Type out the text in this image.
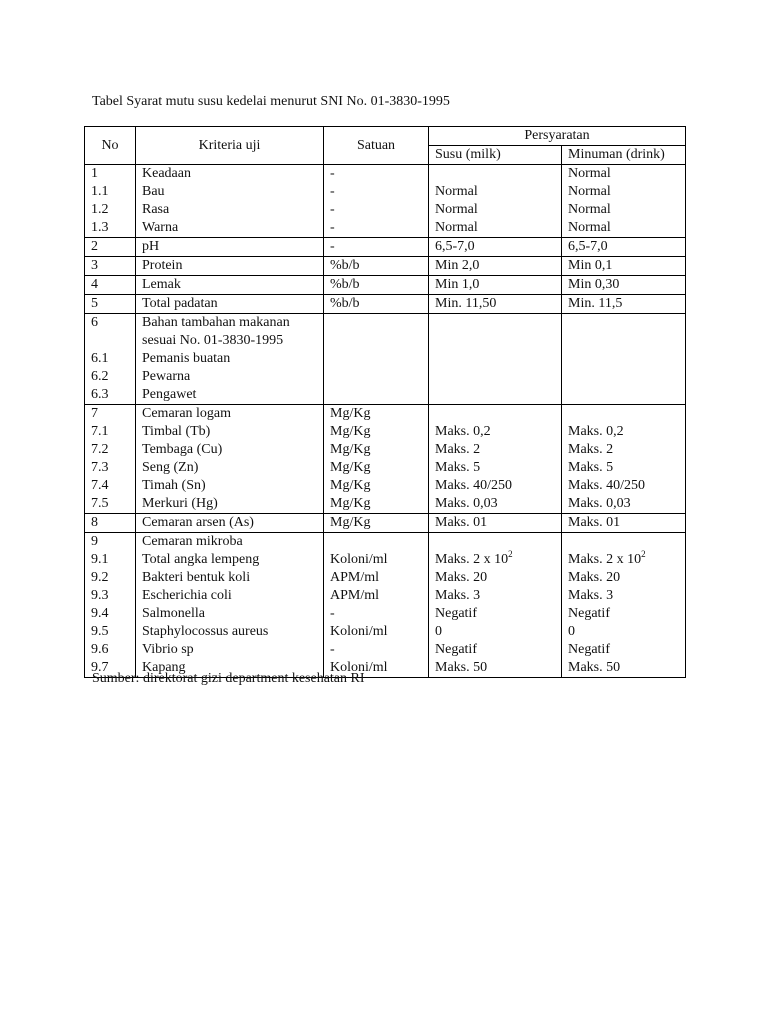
Tabel Syarat mutu susu kedelai menurut SNI No. 01-3830-1995
No	Kriteria uji	Satuan	Persyaratan	
			Susu (milk)	Minuman (drink)
1	Keadaan	-		Normal
1.1	Bau	-	Normal	Normal
1.2	Rasa	-	Normal	Normal
1.3	Warna	-	Normal	Normal
2	pH	-	6,5-7,0	6,5-7,0
3	Protein	%b/b	Min 2,0	Min 0,1
4	Lemak	%b/b	Min 1,0	Min 0,30
5	Total padatan	%b/b	Min. 11,50	Min. 11,5
6	Bahan tambahan makanan			
	sesuai No. 01-3830-1995			
6.1	Pemanis buatan			
6.2	Pewarna			
6.3	Pengawet			
7	Cemaran logam	Mg/Kg		
7.1	Timbal (Tb)	Mg/Kg	Maks. 0,2	Maks. 0,2
7.2	Tembaga (Cu)	Mg/Kg	Maks. 2	Maks. 2
7.3	Seng (Zn)	Mg/Kg	Maks. 5	Maks. 5
7.4	Timah (Sn)	Mg/Kg	Maks. 40/250	Maks. 40/250
7.5	Merkuri (Hg)	Mg/Kg	Maks. 0,03	Maks. 0,03
8	Cemaran arsen (As)	Mg/Kg	Maks. 01	Maks. 01
9	Cemaran mikroba			
9.1	Total angka lempeng	Koloni/ml	Maks. 2 x $10^2$	Maks. 2 x $10^2$
9.2	Bakteri bentuk koli	APM/ml	Maks. 20	Maks. 20
9.3	Escherichia coli	APM/ml	Maks. 3	Maks. 3
9.4	Salmonella	-	Negatif	Negatif
9.5	Staphylocossus aureus	Koloni/ml	0	0
9.6	Vibrio sp	-	Negatif	Negatif
9.7	Kapang	Koloni/ml	Maks. 50	Maks. 50
Sumber: direktorat gizi department kesehatan RI
